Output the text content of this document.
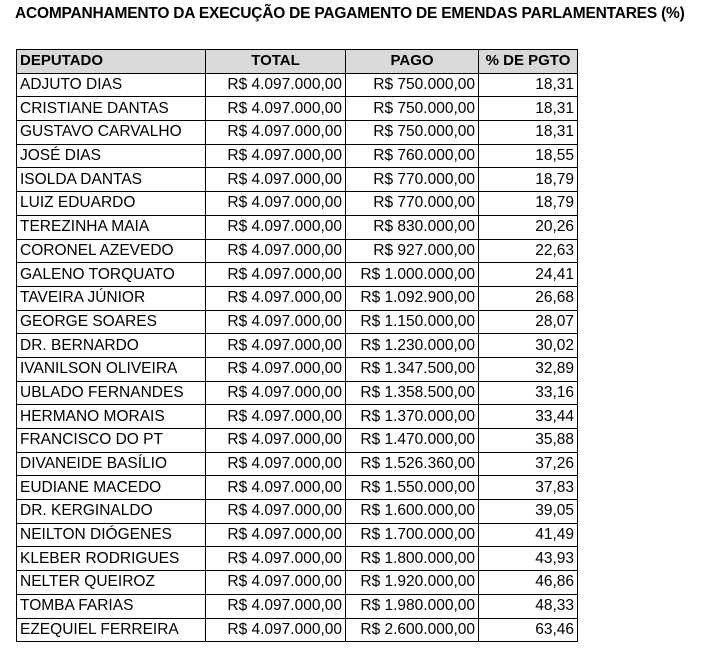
ACOMPANHAMENTO DA EXECUÇÃO DE PAGAMENTO DE EMENDAS PARLAMENTARES (%)
DEPUTADO	TOTAL	PAGO	% DE PGTO
ADJUTO DIAS	R$ 4.097.000,00	R$ 750.000,00	18,31
CRISTIANE DANTAS	R$ 4.097.000,00	R$ 750.000,00	18,31
GUSTAVO CARVALHO	R$ 4.097.000,00	R$ 750.000,00	18,31
JOSÉ DIAS	R$ 4.097.000,00	R$ 760.000,00	18,55
ISOLDA DANTAS	R$ 4.097.000,00	R$ 770.000,00	18,79
LUIZ EDUARDO	R$ 4.097.000,00	R$ 770.000,00	18,79
TEREZINHA MAIA	R$ 4.097.000,00	R$ 830.000,00	20,26
CORONEL AZEVEDO	R$ 4.097.000,00	R$ 927.000,00	22,63
GALENO TORQUATO	R$ 4.097.000,00	R$ 1.000.000,00	24,41
TAVEIRA JÚNIOR	R$ 4.097.000,00	R$ 1.092.900,00	26,68
GEORGE SOARES	R$ 4.097.000,00	R$ 1.150.000,00	28,07
DR. BERNARDO	R$ 4.097.000,00	R$ 1.230.000,00	30,02
IVANILSON OLIVEIRA	R$ 4.097.000,00	R$ 1.347.500,00	32,89
UBLADO FERNANDES	R$ 4.097.000,00	R$ 1.358.500,00	33,16
HERMANO MORAIS	R$ 4.097.000,00	R$ 1.370.000,00	33,44
FRANCISCO DO PT	R$ 4.097.000,00	R$ 1.470.000,00	35,88
DIVANEIDE BASÍLIO	R$ 4.097.000,00	R$ 1.526.360,00	37,26
EUDIANE MACEDO	R$ 4.097.000,00	R$ 1.550.000,00	37,83
DR. KERGINALDO	R$ 4.097.000,00	R$ 1.600.000,00	39,05
NEILTON DIÓGENES	R$ 4.097.000,00	R$ 1.700.000,00	41,49
KLEBER RODRIGUES	R$ 4.097.000,00	R$ 1.800.000,00	43,93
NELTER QUEIROZ	R$ 4.097.000,00	R$ 1.920.000,00	46,86
TOMBA FARIAS	R$ 4.097.000,00	R$ 1.980.000,00	48,33
EZEQUIEL FERREIRA	R$ 4.097.000,00	R$ 2.600.000,00	63,46
